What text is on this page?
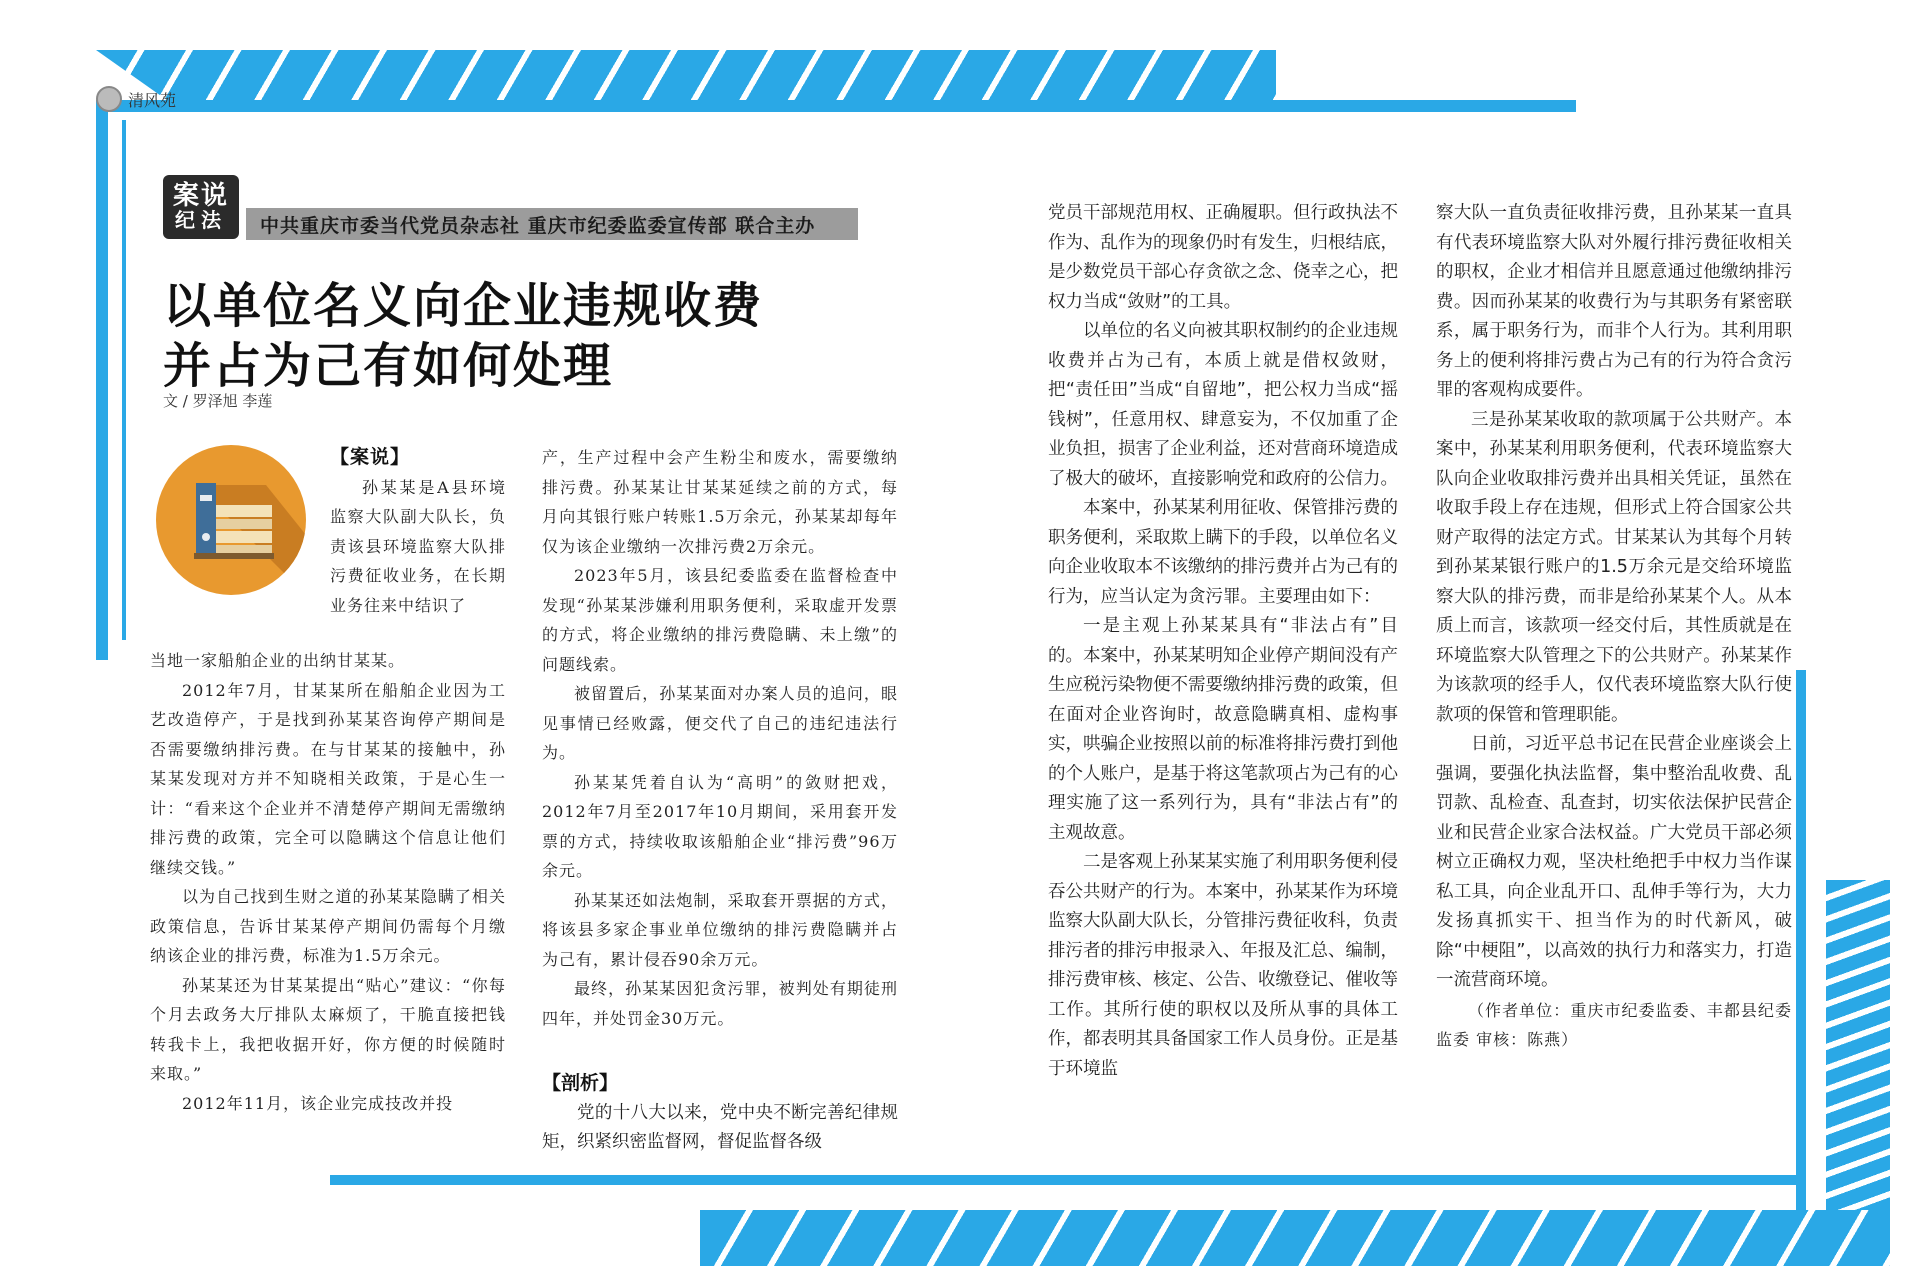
清风苑
案说
纪法 中共重庆市委当代党员杂志社 重庆市纪委监委宣传部 联合主办
以单位名义向企业违规收费
并占为己有如何处理
文 / 罗泽旭 李莲

【案说】

孙某某是A县环境监察大队副大队长，负责该县环境监察大队排污费征收业务，在长期业务往来中结识了

当地一家船舶企业的出纳甘某某。

2012年7月，甘某某所在船舶企业因为工艺改造停产，于是找到孙某某咨询停产期间是否需要缴纳排污费。在与甘某某的接触中，孙某某发现对方并不知晓相关政策，于是心生一计：“看来这个企业并不清楚停产期间无需缴纳排污费的政策，完全可以隐瞒这个信息让他们继续交钱。”

以为自己找到生财之道的孙某某隐瞒了相关政策信息，告诉甘某某停产期间仍需每个月缴纳该企业的排污费，标准为1.5万余元。

孙某某还为甘某某提出“贴心”建议：“你每个月去政务大厅排队太麻烦了，干脆直接把钱转我卡上，我把收据开好，你方便的时候随时来取。”

2012年11月，该企业完成技改并投

产，生产过程中会产生粉尘和废水，需要缴纳排污费。孙某某让甘某某延续之前的方式，每月向其银行账户转账1.5万余元，孙某某却每年仅为该企业缴纳一次排污费2万余元。

2023年5月，该县纪委监委在监督检查中发现“孙某某涉嫌利用职务便利，采取虚开发票的方式，将企业缴纳的排污费隐瞒、未上缴”的问题线索。

被留置后，孙某某面对办案人员的追问，眼见事情已经败露，便交代了自己的违纪违法行为。

孙某某凭着自认为“高明”的敛财把戏，2012年7月至2017年10月期间，采用套开发票的方式，持续收取该船舶企业“排污费”96万余元。

孙某某还如法炮制，采取套开票据的方式，将该县多家企事业单位缴纳的排污费隐瞒并占为己有，累计侵吞90余万元。

最终，孙某某因犯贪污罪，被判处有期徒刑四年，并处罚金30万元。

【剖析】

党的十八大以来，党中央不断完善纪律规矩，织紧织密监督网，督促监督各级

党员干部规范用权、正确履职。但行政执法不作为、乱作为的现象仍时有发生，归根结底，是少数党员干部心存贪欲之念、侥幸之心，把权力当成“敛财”的工具。

以单位的名义向被其职权制约的企业违规收费并占为己有，本质上就是借权敛财，把“责任田”当成“自留地”，把公权力当成“摇钱树”，任意用权、肆意妄为，不仅加重了企业负担，损害了企业利益，还对营商环境造成了极大的破坏，直接影响党和政府的公信力。

本案中，孙某某利用征收、保管排污费的职务便利，采取欺上瞒下的手段，以单位名义向企业收取本不该缴纳的排污费并占为己有的行为，应当认定为贪污罪。主要理由如下：

一是主观上孙某某具有“非法占有”目的。本案中，孙某某明知企业停产期间没有产生应税污染物便不需要缴纳排污费的政策，但在面对企业咨询时，故意隐瞒真相、虚构事实，哄骗企业按照以前的标准将排污费打到他的个人账户，是基于将这笔款项占为己有的心理实施了这一系列行为，具有“非法占有”的主观故意。

二是客观上孙某某实施了利用职务便利侵吞公共财产的行为。本案中，孙某某作为环境监察大队副大队长，分管排污费征收科，负责排污者的排污申报录入、年报及汇总、编制，排污费审核、核定、公告、收缴登记、催收等工作。其所行使的职权以及所从事的具体工作，都表明其具备国家工作人员身份。正是基于环境监

察大队一直负责征收排污费，且孙某某一直具有代表环境监察大队对外履行排污费征收相关的职权，企业才相信并且愿意通过他缴纳排污费。因而孙某某的收费行为与其职务有紧密联系，属于职务行为，而非个人行为。其利用职务上的便利将排污费占为己有的行为符合贪污罪的客观构成要件。

三是孙某某收取的款项属于公共财产。本案中，孙某某利用职务便利，代表环境监察大队向企业收取排污费并出具相关凭证，虽然在收取手段上存在违规，但形式上符合国家公共财产取得的法定方式。甘某某认为其每个月转到孙某某银行账户的1.5万余元是交给环境监察大队的排污费，而非是给孙某某个人。从本质上而言，该款项一经交付后，其性质就是在环境监察大队管理之下的公共财产。孙某某作为该款项的经手人，仅代表环境监察大队行使款项的保管和管理职能。

日前，习近平总书记在民营企业座谈会上强调，要强化执法监督，集中整治乱收费、乱罚款、乱检查、乱查封，切实依法保护民营企业和民营企业家合法权益。广大党员干部必须树立正确权力观，坚决杜绝把手中权力当作谋私工具，向企业乱开口、乱伸手等行为，大力发扬真抓实干、担当作为的时代新风，破除“中梗阻”，以高效的执行力和落实力，打造一流营商环境。

（作者单位：重庆市纪委监委、丰都县纪委监委 审核：陈燕）
